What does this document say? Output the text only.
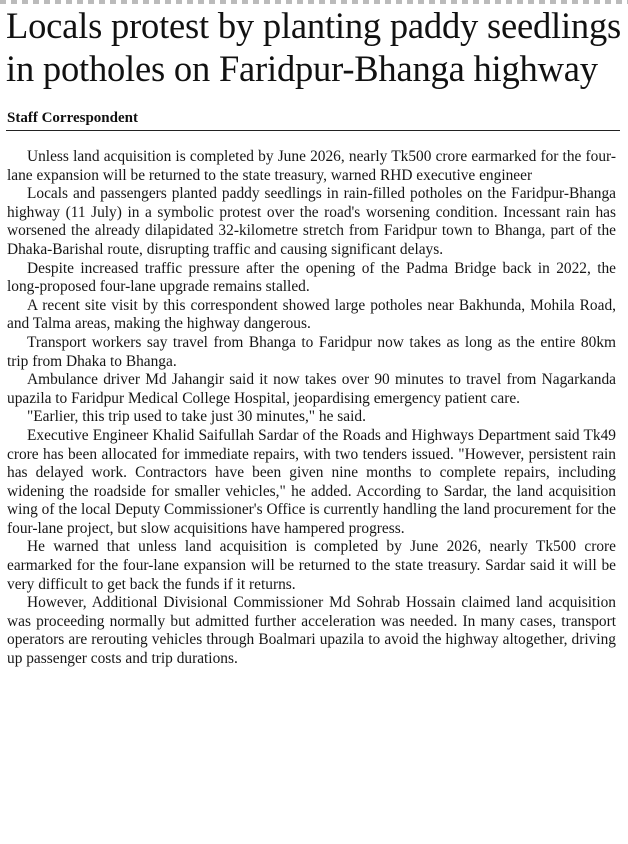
Locals protest by planting paddy seedlings
in potholes on Faridpur-Bhanga highway
Staff Correspondent

Unless land acquisition is completed by June 2026, nearly Tk500 crore earmarked for the four-lane expansion will be returned to the state treasury, warned RHD executive engineer

Locals and passengers planted paddy seedlings in rain-filled potholes on the Faridpur-Bhanga highway (11 July) in a symbolic protest over the road's worsening condition. Incessant rain has worsened the already dilapidated 32-kilometre stretch from Faridpur town to Bhanga, part of the Dhaka-Barishal route, disrupting traffic and causing significant delays.

Despite increased traffic pressure after the opening of the Padma Bridge back in 2022, the long-proposed four-lane upgrade remains stalled.

A recent site visit by this correspondent showed large potholes near Bakhunda, Mohila Road, and Talma areas, making the highway dangerous.

Transport workers say travel from Bhanga to Faridpur now takes as long as the entire 80km trip from Dhaka to Bhanga.

Ambulance driver Md Jahangir said it now takes over 90 minutes to travel from Nagarkanda upazila to Faridpur Medical College Hospital, jeopardising emergency patient care.

"Earlier, this trip used to take just 30 minutes," he said.

Executive Engineer Khalid Saifullah Sardar of the Roads and Highways Department said Tk49 crore has been allocated for immediate repairs, with two tenders issued. "However, persistent rain has delayed work. Contractors have been given nine months to complete repairs, including widening the roadside for smaller vehicles," he added. According to Sardar, the land acquisition wing of the local Deputy Commissioner's Office is currently handling the land procurement for the four-lane project, but slow acquisitions have hampered progress.

He warned that unless land acquisition is completed by June 2026, nearly Tk500 crore earmarked for the four-lane expansion will be returned to the state treasury. Sardar said it will be very difficult to get back the funds if it returns.

However, Additional Divisional Commissioner Md Sohrab Hossain claimed land acquisition was proceeding normally but admitted further acceleration was needed. In many cases, transport operators are rerouting vehicles through Boalmari upazila to avoid the highway altogether, driving up passenger costs and trip durations.
